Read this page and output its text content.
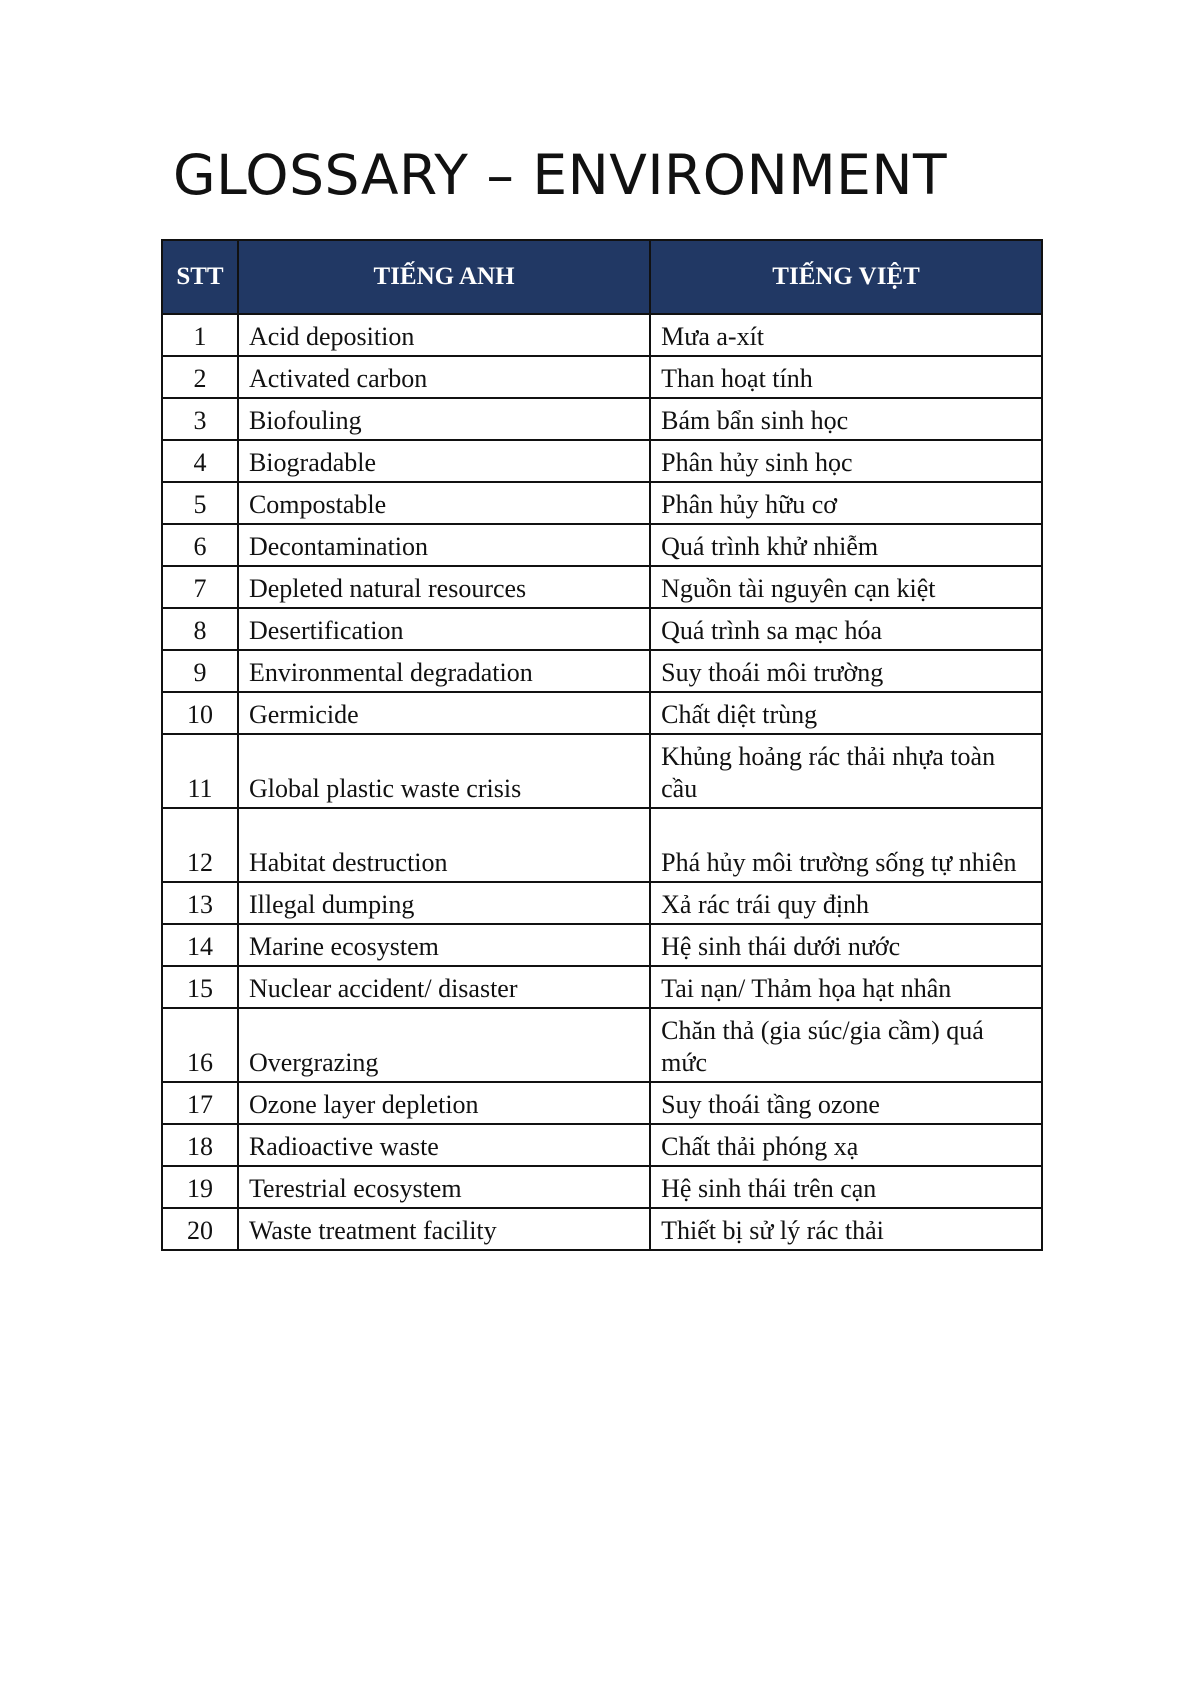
GLOSSARY – ENVIRONMENT
STT	TIẾNG ANH	TIẾNG VIỆT
1	Acid deposition	Mưa a-xít
2	Activated carbon	Than hoạt tính
3	Biofouling	Bám bẩn sinh học
4	Biogradable	Phân hủy sinh học
5	Compostable	Phân hủy hữu cơ
6	Decontamination	Quá trình khử nhiễm
7	Depleted natural resources	Nguồn tài nguyên cạn kiệt
8	Desertification	Quá trình sa mạc hóa
9	Environmental degradation	Suy thoái môi trường
10	Germicide	Chất diệt trùng
11	Global plastic waste crisis	Khủng hoảng rác thải nhựa toàn cầu
12	Habitat destruction	Phá hủy môi trường sống tự nhiên
13	Illegal dumping	Xả rác trái quy định
14	Marine ecosystem	Hệ sinh thái dưới nước
15	Nuclear accident/ disaster	Tai nạn/ Thảm họa hạt nhân
16	Overgrazing	Chăn thả (gia súc/gia cầm) quá mức
17	Ozone layer depletion	Suy thoái tầng ozone
18	Radioactive waste	Chất thải phóng xạ
19	Terestrial ecosystem	Hệ sinh thái trên cạn
20	Waste treatment facility	Thiết bị sử lý rác thải
